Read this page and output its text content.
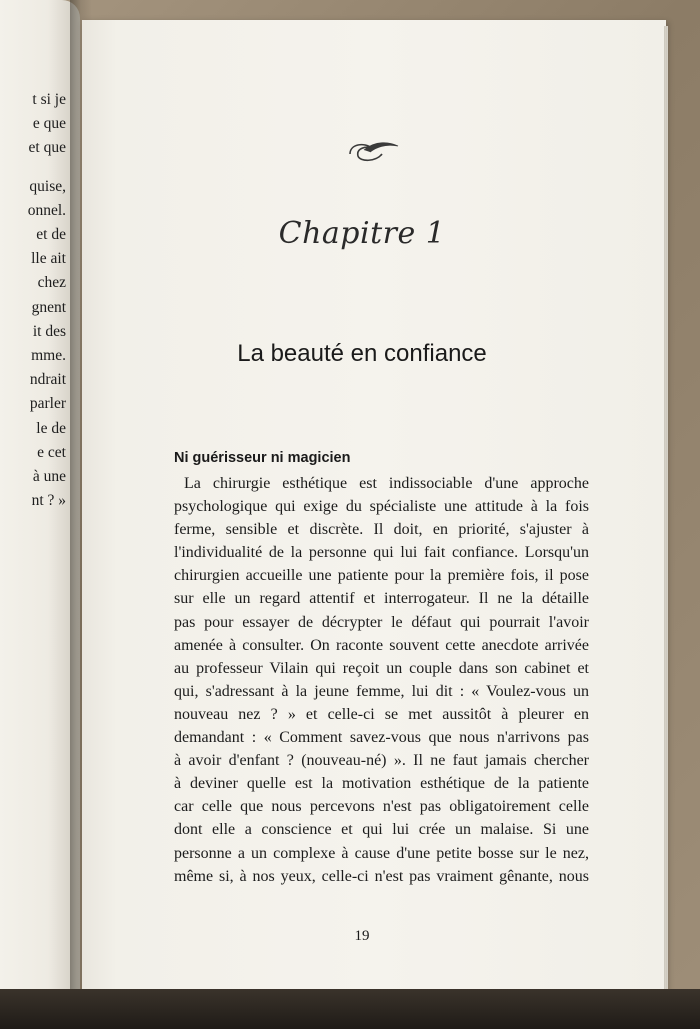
t si je
e que
et que
quise,
onnel.
et de
lle ait
chez
gnent
it des
mme.
ndrait
parler
le de
e cet
à une
nt ? »
Chapitre 1
La beauté en confiance
Ni guérisseur ni magicien
La chirurgie esthétique est indissociable d'une approche
psychologique qui exige du spécialiste une attitude à la fois
ferme, sensible et discrète. Il doit, en priorité, s'ajuster à
l'individualité de la personne qui lui fait confiance. Lorsqu'un
chirurgien accueille une patiente pour la première fois, il pose
sur elle un regard attentif et interrogateur. Il ne la détaille
pas pour essayer de décrypter le défaut qui pourrait l'avoir
amenée à consulter. On raconte souvent cette anecdote arrivée
au professeur Vilain qui reçoit un couple dans son cabinet et
qui, s'adressant à la jeune femme, lui dit : « Voulez-vous un
nouveau nez ? » et celle-ci se met aussitôt à pleurer en
demandant : « Comment savez-vous que nous n'arrivons pas
à avoir d'enfant ? (nouveau-né) ». Il ne faut jamais chercher
à deviner quelle est la motivation esthétique de la patiente
car celle que nous percevons n'est pas obligatoirement celle
dont elle a conscience et qui lui crée un malaise. Si une
personne a un complexe à cause d'une petite bosse sur le nez,
même si, à nos yeux, celle-ci n'est pas vraiment gênante, nous
19
